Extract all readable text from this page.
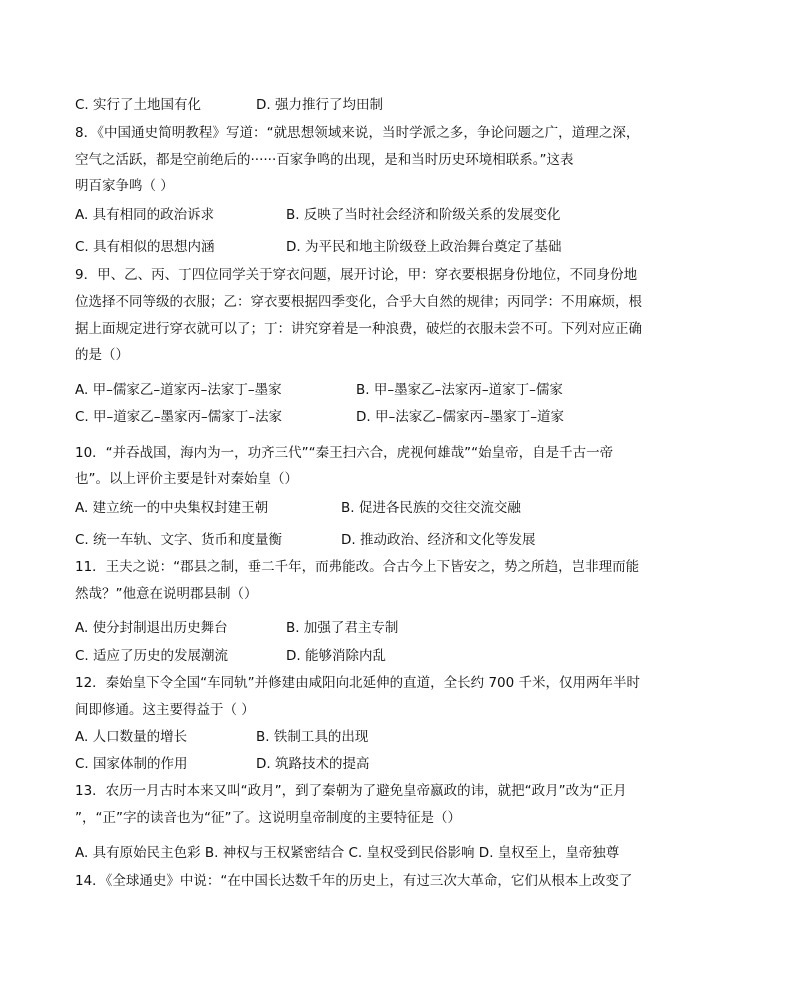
C. 实行了土地国有化	D. 强力推行了均田制
8．《中国通史简明教程》写道：“就思想领域来说，当时学派之多，争论问题之广，道理之深，
空气之活跃，都是空前绝后的······百家争鸣的出现，是和当时历史环境相联系。”这表
明百家争鸣（ ）
A. 具有相同的政治诉求	B. 反映了当时社会经济和阶级关系的发展变化
C. 具有相似的思想内涵	D. 为平民和地主阶级登上政治舞台奠定了基础
9．甲、乙、丙、丁四位同学关于穿衣问题，展开讨论，甲：穿衣要根据身份地位，不同身份地
位选择不同等级的衣服；乙：穿衣要根据四季变化，合乎大自然的规律；丙同学：不用麻烦，根
据上面规定进行穿衣就可以了；丁：讲究穿着是一种浪费，破烂的衣服未尝不可。下列对应正确
的是（）
A. 甲–儒家乙–道家丙–法家丁–墨家	B. 甲–墨家乙–法家丙–道家丁–儒家
C. 甲–道家乙–墨家丙–儒家丁–法家	D. 甲–法家乙–儒家丙–墨家丁–道家
10．“并吞战国，海内为一，功齐三代”“秦王扫六合，虎视何雄哉”“始皇帝，自是千古一帝
也”。以上评价主要是针对秦始皇（）
A. 建立统一的中央集权封建王朝	B. 促进各民族的交往交流交融
C. 统一车轨、文字、货币和度量衡	D. 推动政治、经济和文化等发展
11．王夫之说：“郡县之制，垂二千年，而弗能改。合古今上下皆安之，势之所趋，岂非理而能
然哉？”他意在说明郡县制（）
A. 使分封制退出历史舞台	B. 加强了君主专制
C. 适应了历史的发展潮流	D. 能够消除内乱
12．秦始皇下令全国“车同轨”并修建由咸阳向北延伸的直道，全长约 700 千米，仅用两年半时
间即修通。这主要得益于（ ）
A. 人口数量的增长	B. 铁制工具的出现
C. 国家体制的作用	D. 筑路技术的提高
13．农历一月古时本来又叫“政月”，到了秦朝为了避免皇帝嬴政的讳，就把“政月”改为“正月
”，“正”字的读音也为“征”了。这说明皇帝制度的主要特征是（）
A. 具有原始民主色彩 B. 神权与王权紧密结合 C. 皇权受到民俗影响 D. 皇权至上，皇帝独尊
14．《全球通史》中说：“在中国长达数千年的历史上，有过三次大革命，它们从根本上改变了
